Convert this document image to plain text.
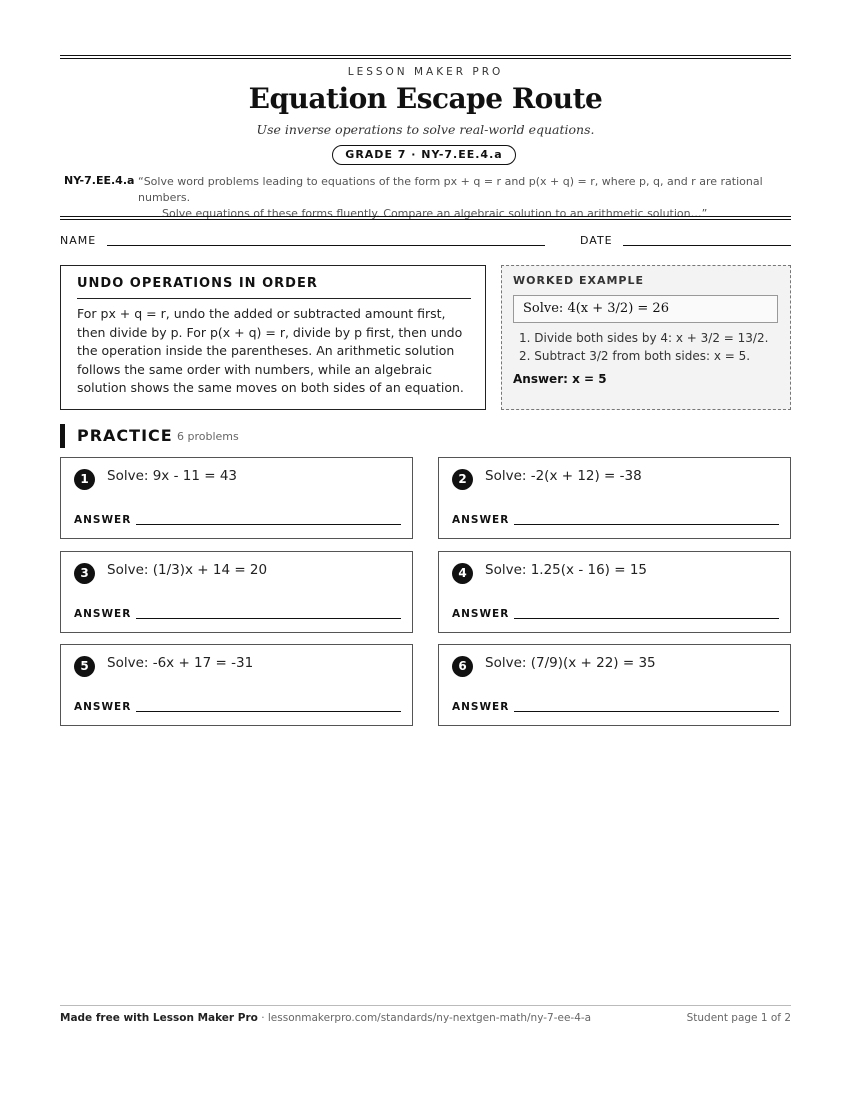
LESSON MAKER PRO
Equation Escape Route
Use inverse operations to solve real-world equations.
GRADE 7 · NY-7.EE.4.a
NY-7.EE.4.a “Solve word problems leading to equations of the form px + q = r and p(x + q) = r, where p, q, and r are rational numbers.
Solve equations of these forms fluently. Compare an algebraic solution to an arithmetic solution…”
NAME	DATE
UNDO OPERATIONS IN ORDER

For px + q = r, undo the added or subtracted amount first, then divide by p. For p(x + q) = r, divide by p first, then undo the operation inside the parentheses. An arithmetic solution follows the same order with numbers, while an algebraic solution shows the same moves on both sides of an equation.

WORKED EXAMPLE
Solve: 4(x + 3/2) = 26
1. Divide both sides by 4: x + 3/2 = 13/2.
2. Subtract 3/2 from both sides: x = 5.
Answer: x = 5
PRACTICE 6 problems
1	Solve: 9x - 11 = 43
ANSWER
2	Solve: -2(x + 12) = -38
ANSWER
3	Solve: (1/3)x + 14 = 20
ANSWER
4	Solve: 1.25(x - 16) = 15
ANSWER
5	Solve: -6x + 17 = -31
ANSWER
6	Solve: (7/9)(x + 22) = 35
ANSWER
Made free with Lesson Maker Pro · lessonmakerpro.com/standards/ny-nextgen-math/ny-7-ee-4-a	Student page 1 of 2
